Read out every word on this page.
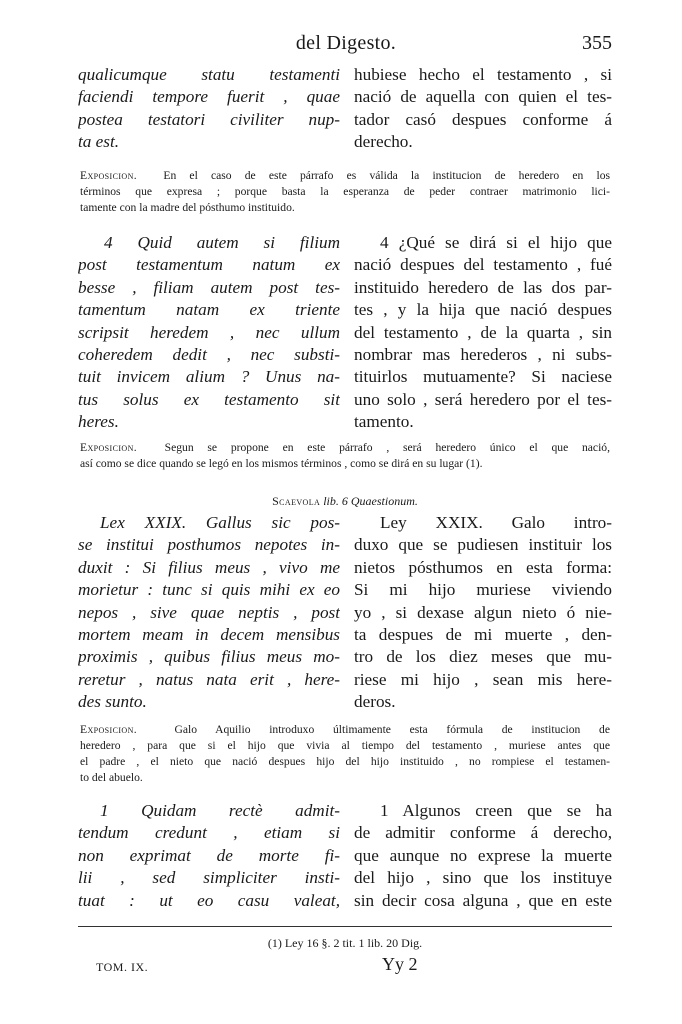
del Digesto.	355
qualicumque statu testamenti
faciendi tempore fuerit , quae
postea testatori civiliter nup-
ta est.
hubiese hecho el testamento , si
nació de aquella con quien el tes-
tador casó despues conforme á
derecho.
Exposicion. En el caso de este párrafo es válida la institucion de heredero en los
términos que expresa ; porque basta la esperanza de peder contraer matrimonio lici-
tamente con la madre del pósthumo instituido.
4 Quid autem si filium
post testamentum natum ex
besse , filiam autem post tes-
tamentum natam ex triente
scripsit heredem , nec ullum
coheredem dedit , nec substi-
tuit invicem alium ? Unus na-
tus solus ex testamento sit
heres.
4 ¿Qué se dirá si el hijo que
nació despues del testamento , fué
instituido heredero de las dos par-
tes , y la hija que nació despues
del testamento , de la quarta , sin
nombrar mas herederos , ni subs-
tituirlos mutuamente? Si naciese
uno solo , será heredero por el tes-
tamento.
Exposicion. Segun se propone en este párrafo , será heredero único el que nació,
así como se dice quando se legó en los mismos términos , como se dirá en su lugar (1).
Scaevola lib. 6 Quaestionum.
Lex XXIX. Gallus sic pos-
se institui posthumos nepotes in-
duxit : Si filius meus , vivo me
morietur : tunc si quis mihi ex eo
nepos , sive quae neptis , post
mortem meam in decem mensibus
proximis , quibus filius meus mo-
reretur , natus nata erit , here-
des sunto.
Ley XXIX. Galo intro-
duxo que se pudiesen instituir los
nietos pósthumos en esta forma:
Si mi hijo muriese viviendo
yo , si dexase algun nieto ó nie-
ta despues de mi muerte , den-
tro de los diez meses que mu-
riese mi hijo , sean mis here-
deros.
Exposicion.	Galo Aquilio introduxo últimamente esta fórmula de institucion de
heredero , para que si el hijo que vivia al tiempo del testamento , muriese antes que
el padre , el nieto que nació despues hijo del hijo instituido , no rompiese el testamen-
to del abuelo.
1 Quidam rectè admit-
tendum credunt , etiam si
non exprimat de morte fi-
lii , sed simpliciter insti-
tuat : ut eo casu valeat,
1 Algunos creen que se ha
de admitir conforme á derecho,
que aunque no exprese la muerte
del hijo , sino que los instituye
sin decir cosa alguna , que en este
(1) Ley 16 §. 2 tit. 1 lib. 20 Dig.
TOM. IX.	Yy 2
